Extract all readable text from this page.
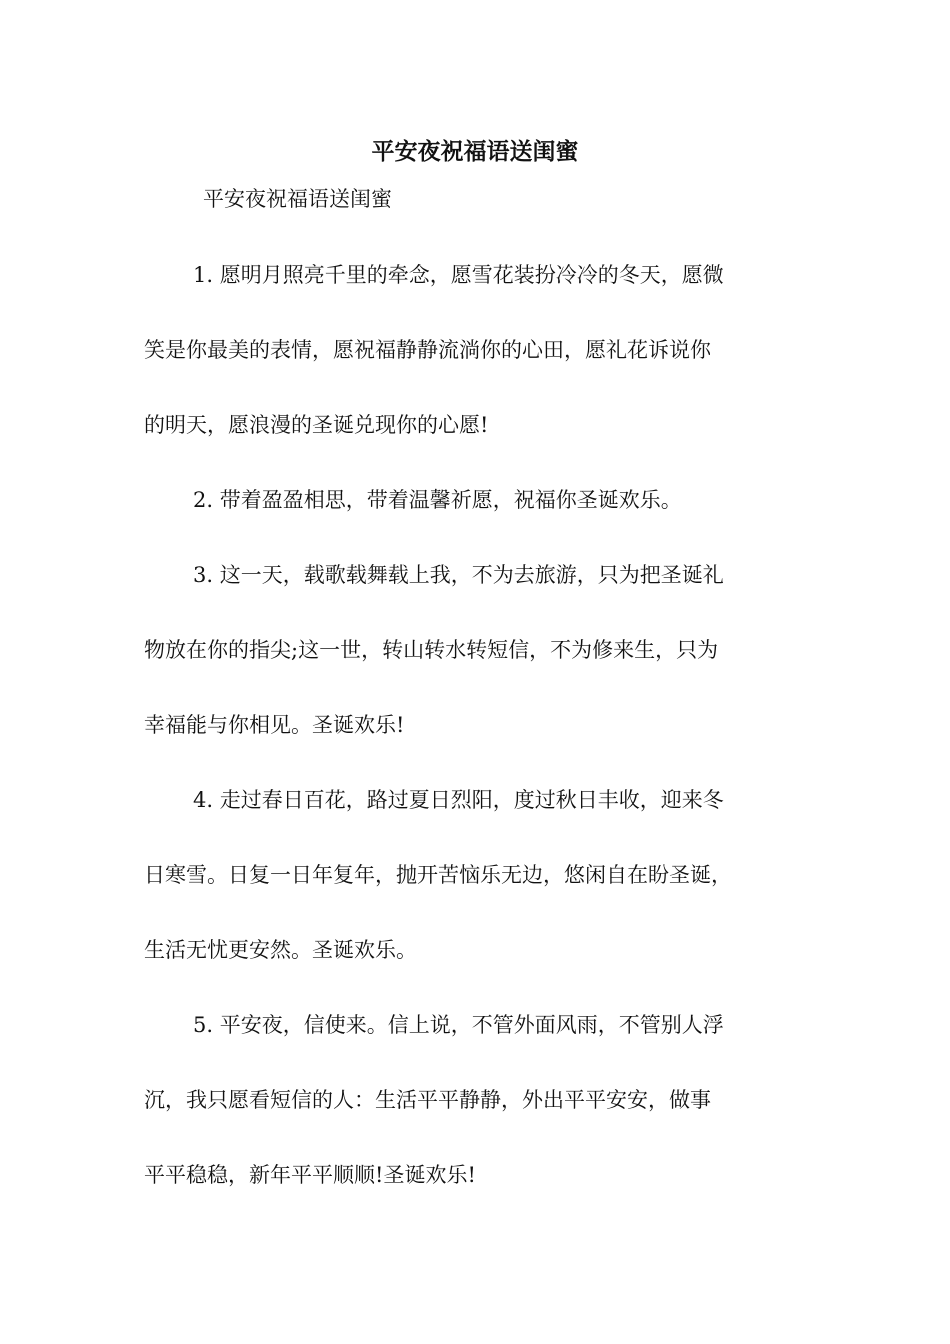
平安夜祝福语送闺蜜
平安夜祝福语送闺蜜
1. 愿明月照亮千里的牵念，愿雪花装扮冷冷的冬天，愿微
笑是你最美的表情，愿祝福静静流淌你的心田，愿礼花诉说你
的明天，愿浪漫的圣诞兑现你的心愿!
2. 带着盈盈相思，带着温馨祈愿，祝福你圣诞欢乐。
3. 这一天，载歌载舞载上我，不为去旅游，只为把圣诞礼
物放在你的指尖;这一世，转山转水转短信，不为修来生，只为
幸福能与你相见。圣诞欢乐!
4. 走过春日百花，路过夏日烈阳，度过秋日丰收，迎来冬
日寒雪。日复一日年复年，抛开苦恼乐无边，悠闲自在盼圣诞，
生活无忧更安然。圣诞欢乐。
5. 平安夜，信使来。信上说，不管外面风雨，不管别人浮
沉，我只愿看短信的人：生活平平静静，外出平平安安，做事
平平稳稳，新年平平顺顺!圣诞欢乐!
